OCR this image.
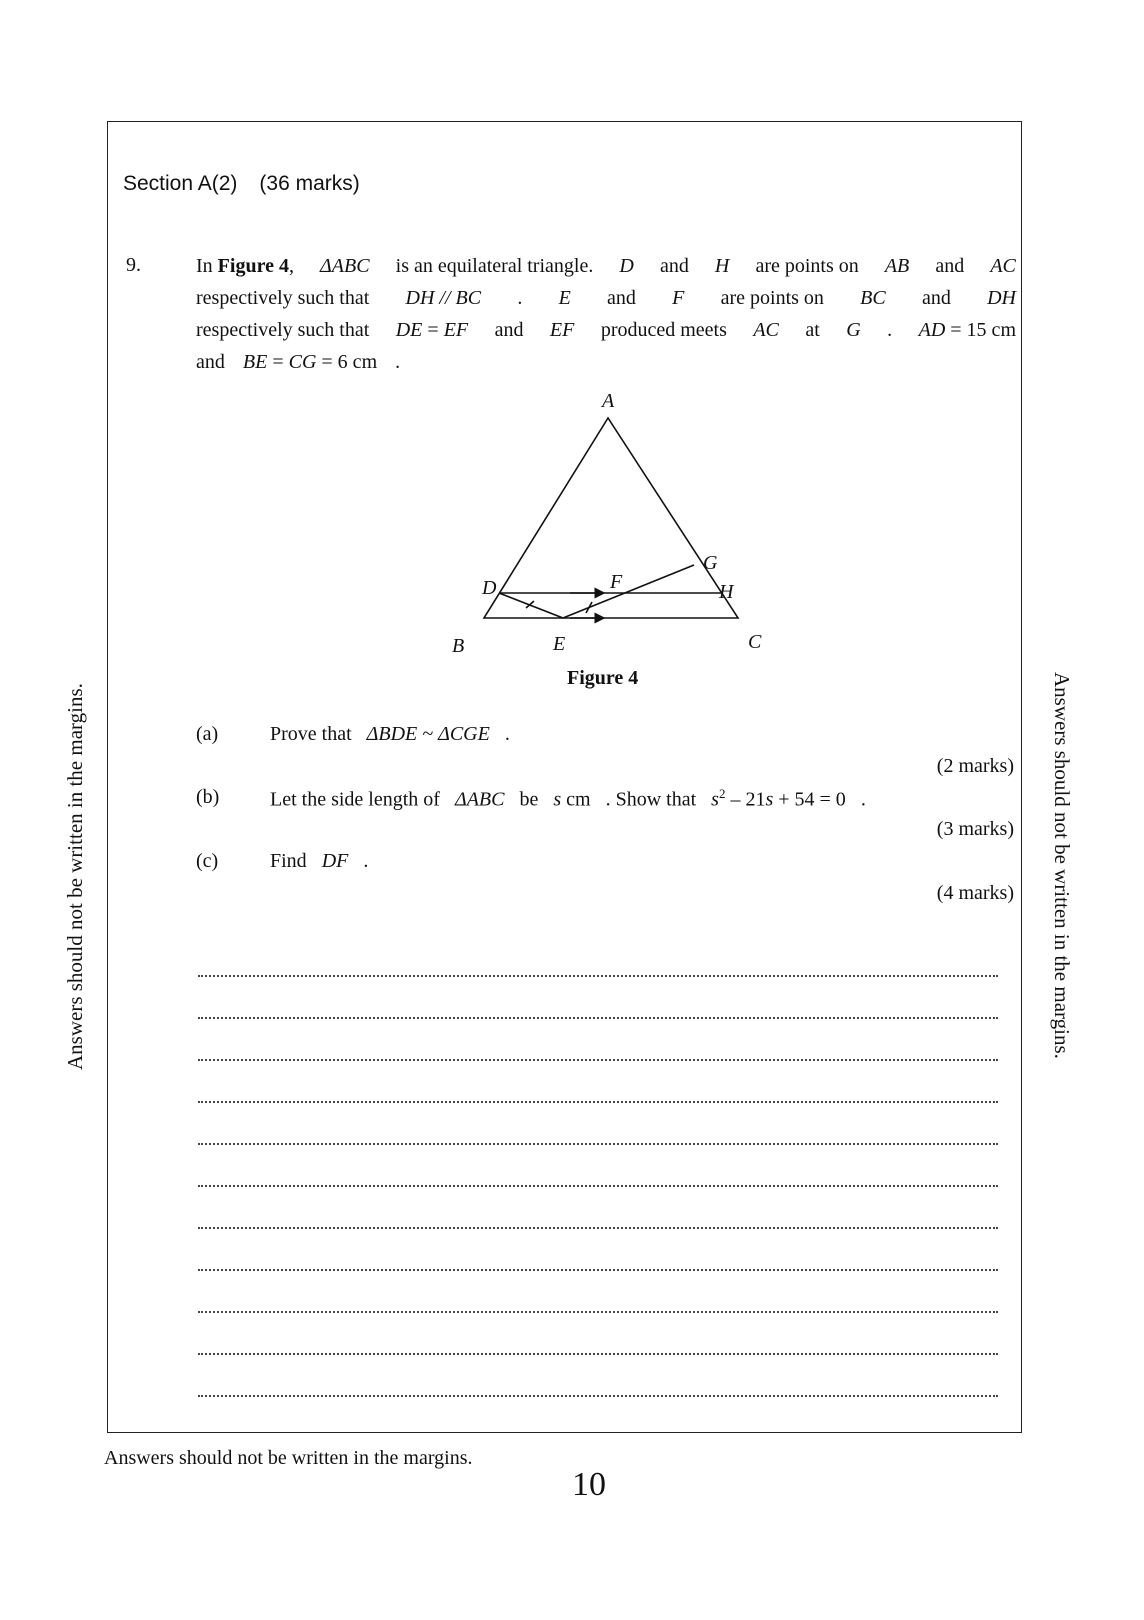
Section A(2) (36 marks)
9.	In Figure 4, ΔABC is an equilateral triangle. D and H are points on AB and AC
respectively such that DH // BC . E and F are points on BC and DH
respectively such that DE = EF and EF produced meets AC at G . AD = 15 cm
and BE = CG = 6 cm .
A
B	C
D
E
F
G
H
Figure 4
(a)	Prove that ΔBDE ~ ΔCGE .
(2 marks)
(b)	Let the side length of ΔABC be s cm . Show that $s^2 - 21s + 54 = 0$ .
(3 marks)
(c)	Find DF .
(4 marks)
Answers should not be written in the margins.	Answers should not be written in the margins.
Answers should not be written in the margins.
10
